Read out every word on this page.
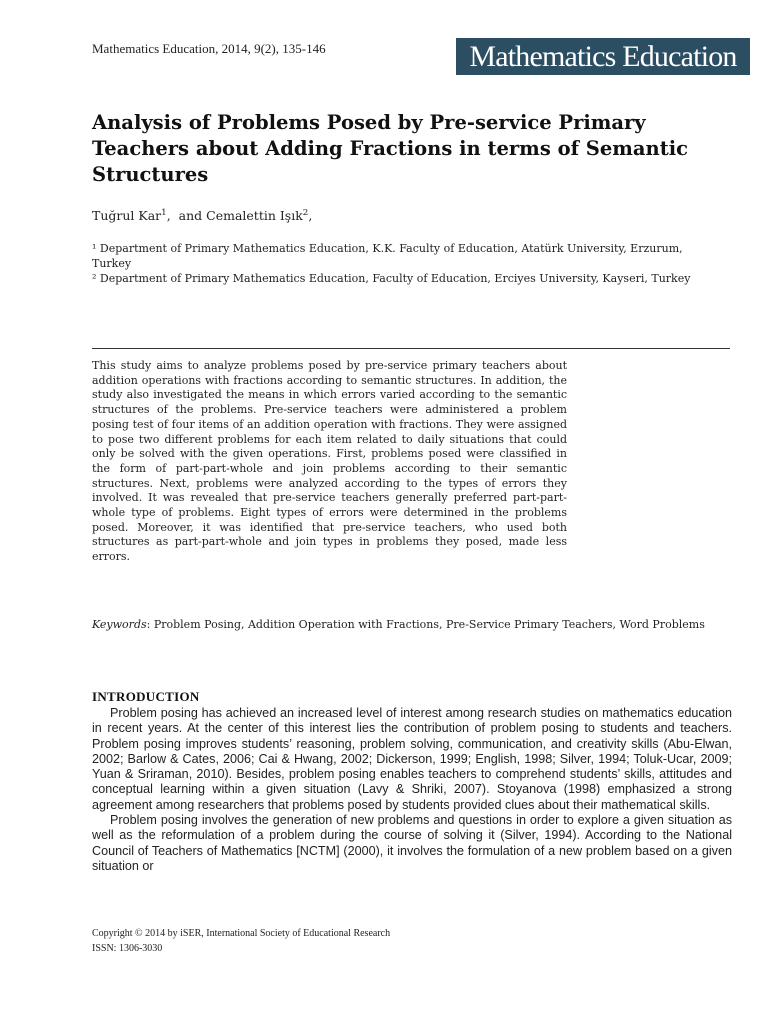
Mathematics Education, 2014, 9(2), 135-146	Mathematics Education
Analysis of Problems Posed by Pre-service Primary Teachers about Adding Fractions in terms of Semantic Structures
Tuğrul Kar$^1$,  and Cemalettin Işık$^2$,
¹ Department of Primary Mathematics Education, K.K. Faculty of Education, Atatürk University, Erzurum, Turkey
² Department of Primary Mathematics Education, Faculty of Education, Erciyes University, Kayseri, Turkey
This study aims to analyze problems posed by pre-service primary teachers about addition operations with fractions according to semantic structures. In addition, the study also investigated the means in which errors varied according to the semantic structures of the problems. Pre-service teachers were administered a problem posing test of four items of an addition operation with fractions. They were assigned to pose two different problems for each item related to daily situations that could only be solved with the given operations. First, problems posed were classified in the form of part-part-whole and join problems according to their semantic structures. Next, problems were analyzed according to the types of errors they involved. It was revealed that pre-service teachers generally preferred part-part-whole type of problems. Eight types of errors were determined in the problems posed. Moreover, it was identified that pre-service teachers, who used both structures as part-part-whole and join types in problems they posed, made less errors.
Keywords: Problem Posing, Addition Operation with Fractions, Pre-Service Primary Teachers, Word Problems
INTRODUCTION

Problem posing has achieved an increased level of interest among research studies on mathematics education in recent years. At the center of this interest lies the contribution of problem posing to students and teachers. Problem posing improves students’ reasoning, problem solving, communication, and creativity skills (Abu-Elwan, 2002; Barlow & Cates, 2006; Cai & Hwang, 2002; Dickerson, 1999; English, 1998; Silver, 1994; Toluk-Ucar, 2009; Yuan & Sriraman, 2010). Besides, problem posing enables teachers to comprehend students’ skills, attitudes and conceptual learning within a given situation (Lavy & Shriki, 2007). Stoyanova (1998) emphasized a strong agreement among researchers that problems posed by students provided clues about their mathematical skills.

Problem posing involves the generation of new problems and questions in order to explore a given situation as well as the reformulation of a problem during the course of solving it (Silver, 1994). According to the National Council of Teachers of Mathematics [NCTM] (2000), it involves the formulation of a new problem based on a given situation or

Copyright © 2014 by iSER, International Society of Educational Research
ISSN: 1306-3030
